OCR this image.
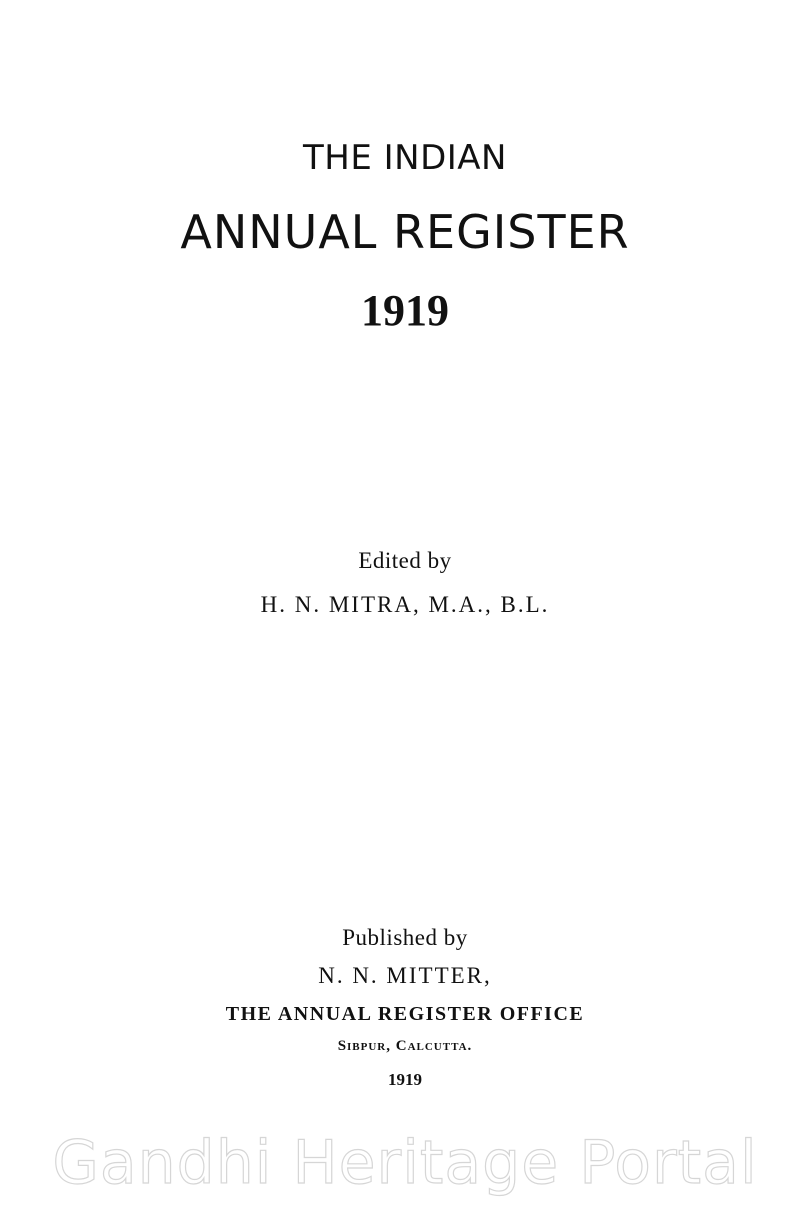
THE INDIAN
ANNUAL REGISTER
1919
Edited by
H. N. MITRA, M.A., B.L.
Published by
N. N. MITTER,
THE ANNUAL REGISTER OFFICE
Sibpur, Calcutta.
1919
Gandhi Heritage Portal
